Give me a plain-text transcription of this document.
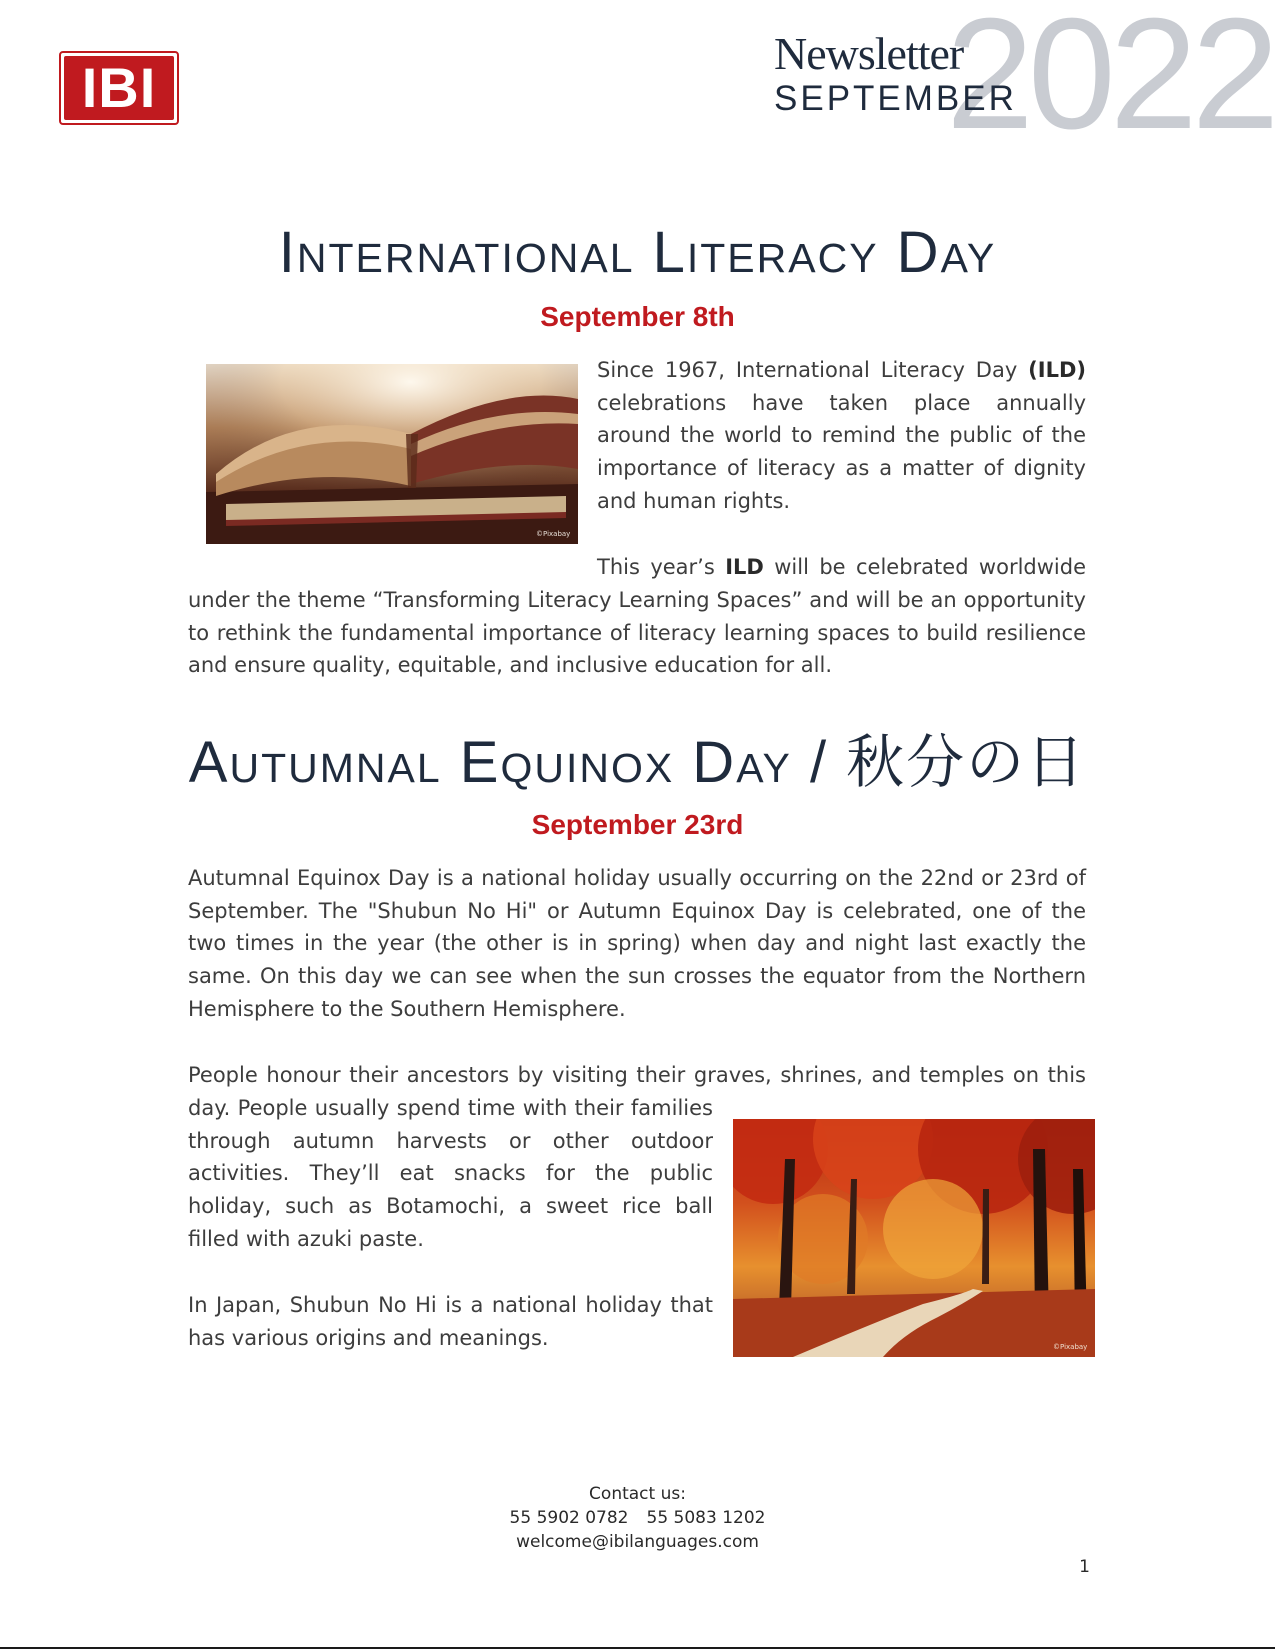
IBI	2022
Newsletter
SEPTEMBER
International Literacy Day
September 8th
©Pixabay

Since 1967, International Literacy Day (ILD) celebrations have taken place annually around the world to remind the public of the importance of literacy as a matter of dignity and human rights.

This year’s ILD will be celebrated worldwide

under the theme “Transforming Literacy Learning Spaces” and will be an opportunity to rethink the fundamental importance of literacy learning spaces to build resilience and ensure quality, equitable, and inclusive education for all.

Autumnal Equinox Day / 秋分の日
September 23rd

Autumnal Equinox Day is a national holiday usually occurring on the 22nd or 23rd of September. The "Shubun No Hi" or Autumn Equinox Day is celebrated, one of the two times in the year (the other is in spring) when day and night last exactly the same. On this day we can see when the sun crosses the equator from the Northern Hemisphere to the Southern Hemisphere.

People honour their ancestors by visiting their graves, shrines, and temples on this

day. People usually spend time with their families through autumn harvests or other outdoor activities. They’ll eat snacks for the public holiday, such as Botamochi, a sweet rice ball filled with azuki paste.

In Japan, Shubun No Hi is a national holiday that has various origins and meanings.	©Pixabay
Contact us:
55 5902 0782 55 5083 1202
welcome@ibilanguages.com
1
